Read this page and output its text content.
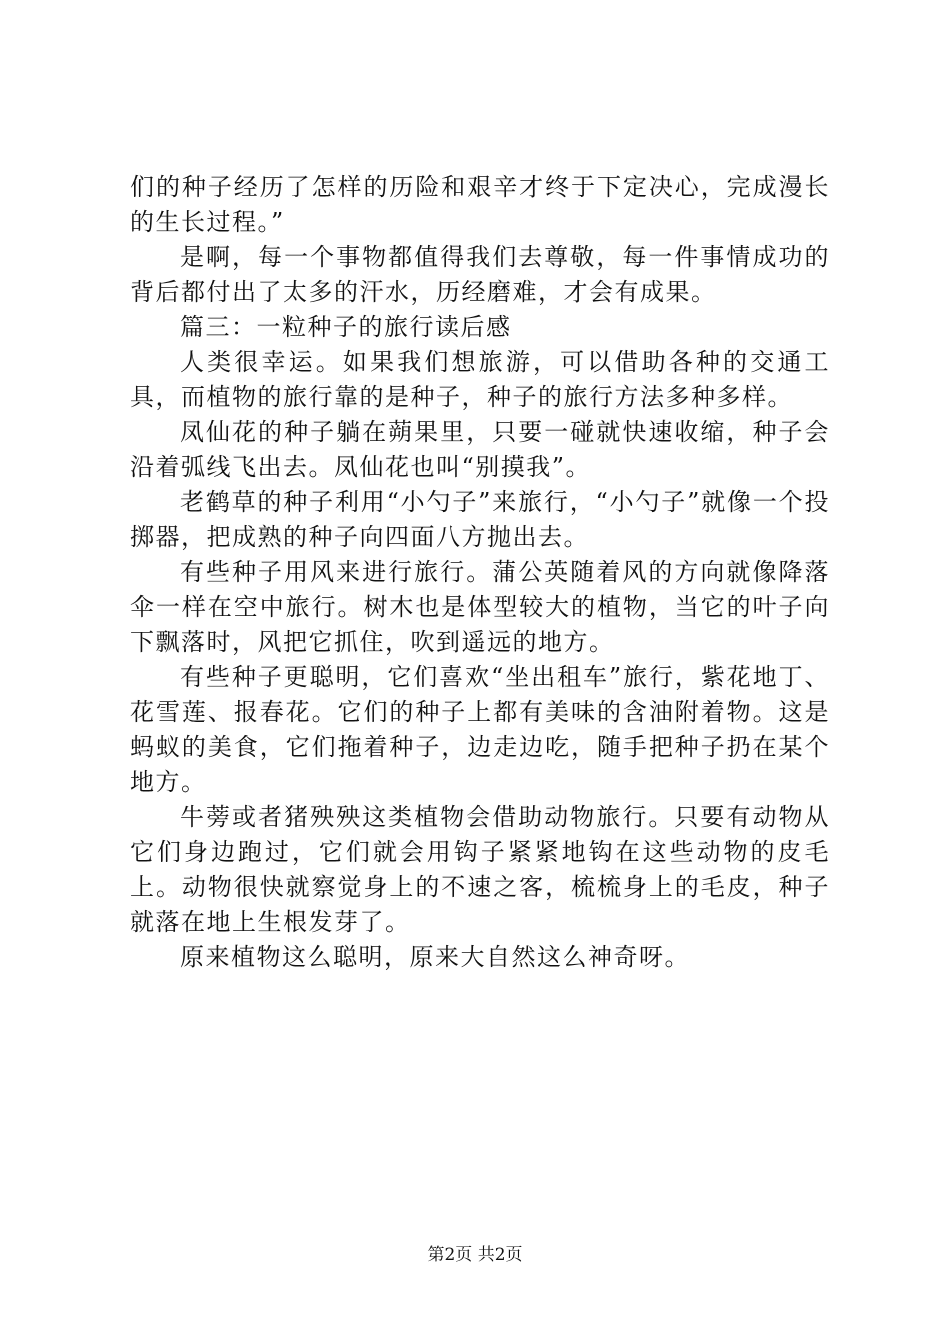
们的种子经历了怎样的历险和艰辛才终于下定决心，完成漫长的生长过程。”

是啊，每一个事物都值得我们去尊敬，每一件事情成功的背后都付出了太多的汗水，历经磨难，才会有成果。

篇三：一粒种子的旅行读后感

人类很幸运。如果我们想旅游，可以借助各种的交通工具，而植物的旅行靠的是种子，种子的旅行方法多种多样。

凤仙花的种子躺在蒴果里，只要一碰就快速收缩，种子会沿着弧线飞出去。凤仙花也叫“别摸我”。

老鹤草的种子利用“小勺子”来旅行，“小勺子”就像一个投掷器，把成熟的种子向四面八方抛出去。

有些种子用风来进行旅行。蒲公英随着风的方向就像降落伞一样在空中旅行。树木也是体型较大的植物，当它的叶子向下飘落时，风把它抓住，吹到遥远的地方。

有些种子更聪明，它们喜欢“坐出租车”旅行，紫花地丁、花雪莲、报春花。它们的种子上都有美味的含油附着物。这是蚂蚁的美食，它们拖着种子，边走边吃，随手把种子扔在某个地方。

牛蒡或者猪殃殃这类植物会借助动物旅行。只要有动物从它们身边跑过，它们就会用钩子紧紧地钩在这些动物的皮毛上。动物很快就察觉身上的不速之客，梳梳身上的毛皮，种子就落在地上生根发芽了。

原来植物这么聪明，原来大自然这么神奇呀。

第2页 共2页
